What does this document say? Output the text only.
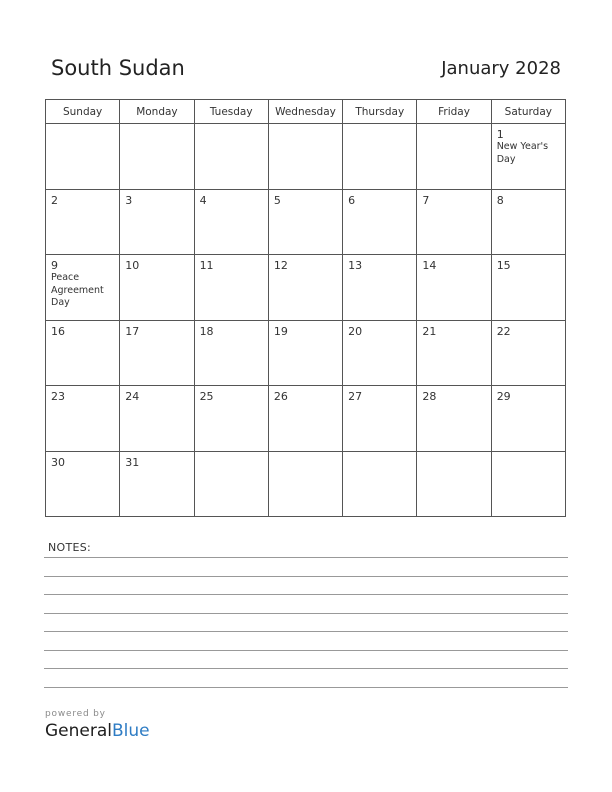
South Sudan	January 2028
Sunday	Monday	Tuesday	Wednesday	Thursday	Friday	Saturday

						1
New Year's Day

2	3	4	5	6	7	8

9
Peace Agreement Day	10	11	12	13	14	15

16	17	18	19	20	21	22

23	24	25	26	27	28	29

30	31					

NOTES:
powered by
GeneralBlue
